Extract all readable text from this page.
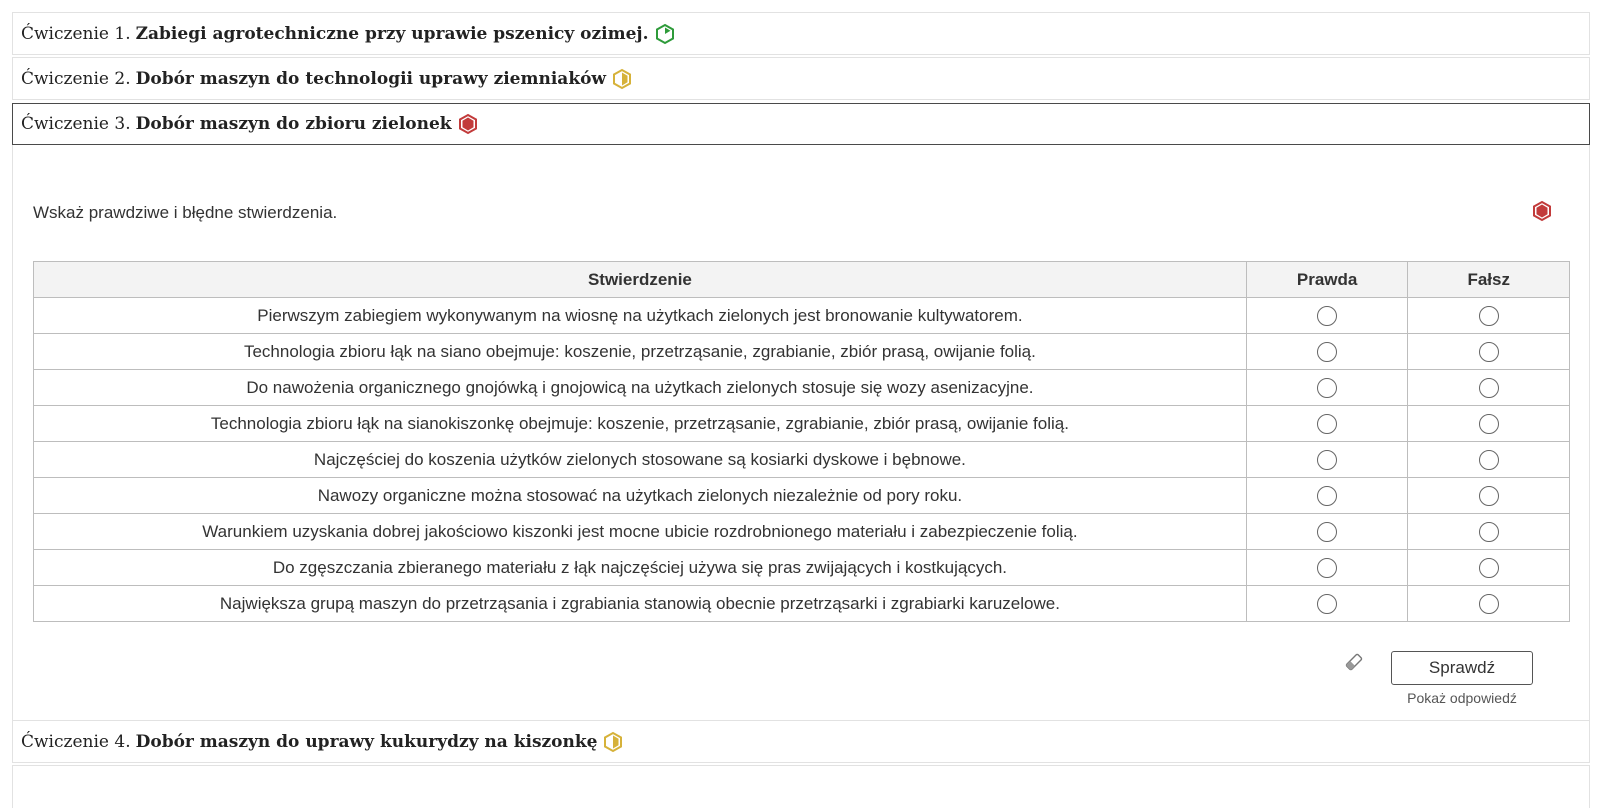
Ćwiczenie 1. Zabiegi agrotechniczne przy uprawie pszenicy ozimej.
Ćwiczenie 2. Dobór maszyn do technologii uprawy ziemniaków
Ćwiczenie 3. Dobór maszyn do zbioru zielonek
Wskaż prawdziwe i błędne stwierdzenia.
Stwierdzenie	Prawda	Fałsz
Pierwszym zabiegiem wykonywanym na wiosnę na użytkach zielonych jest bronowanie kultywatorem.		
Technologia zbioru łąk na siano obejmuje: koszenie, przetrząsanie, zgrabianie, zbiór prasą, owijanie folią.		
Do nawożenia organicznego gnojówką i gnojowicą na użytkach zielonych stosuje się wozy asenizacyjne.		
Technologia zbioru łąk na sianokiszonkę obejmuje: koszenie, przetrząsanie, zgrabianie, zbiór prasą, owijanie folią.		
Najczęściej do koszenia użytków zielonych stosowane są kosiarki dyskowe i bębnowe.		
Nawozy organiczne można stosować na użytkach zielonych niezależnie od pory roku.		
Warunkiem uzyskania dobrej jakościowo kiszonki jest mocne ubicie rozdrobnionego materiału i zabezpieczenie folią.		
Do zgęszczania zbieranego materiału z łąk najczęściej używa się pras zwijających i kostkujących.		
Największa grupą maszyn do przetrząsania i zgrabiania stanowią obecnie przetrząsarki i zgrabiarki karuzelowe.		
Sprawdź
Pokaż odpowiedź
Ćwiczenie 4. Dobór maszyn do uprawy kukurydzy na kiszonkę
